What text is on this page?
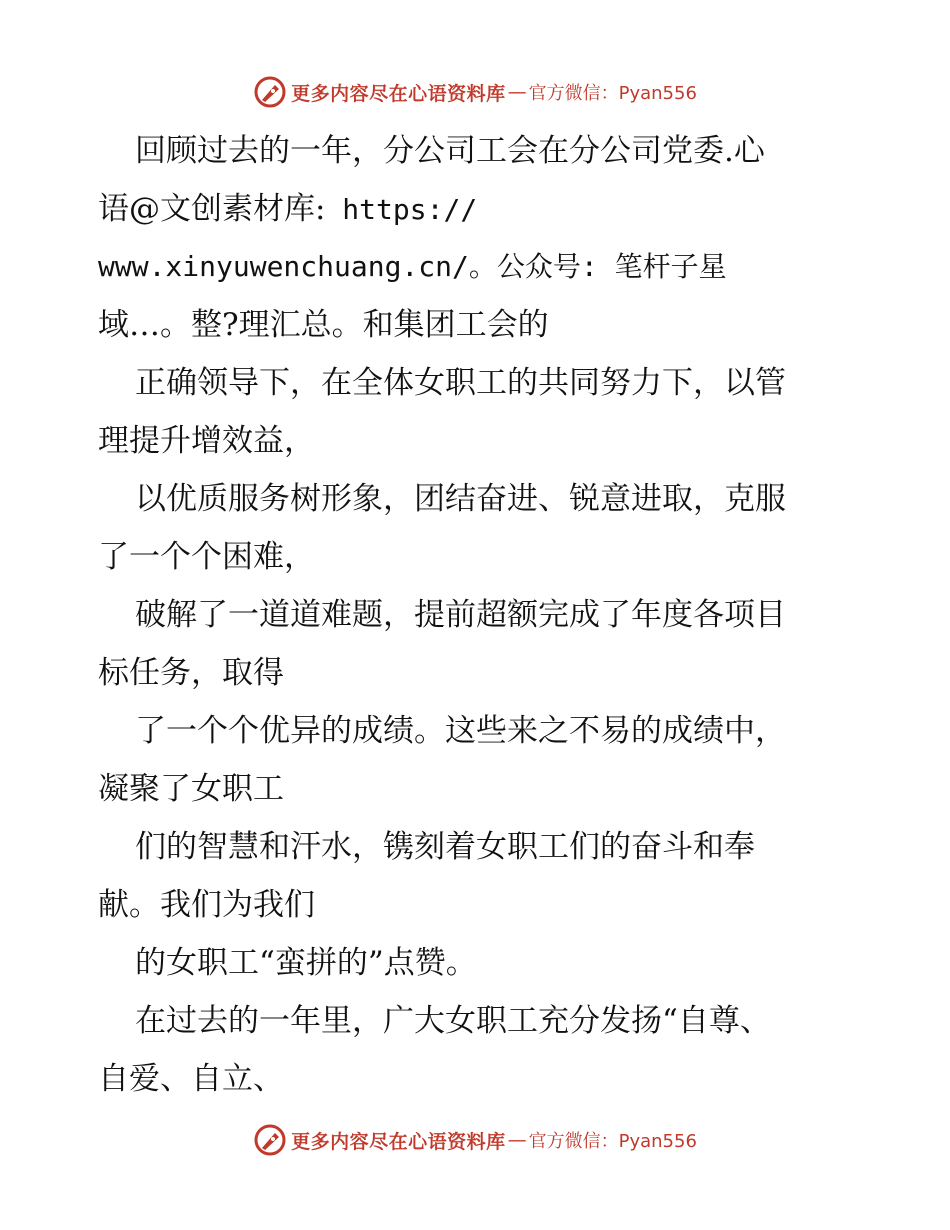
更多内容尽在心语资料库 — 官方微信：Pyan556
回顾过去的一年，分公司工会在分公司党委.心
语@文创素材库: https://
www.xinyuwenchuang.cn/。公众号: 笔杆子星
域…。整?理汇总。和集团工会的
正确领导下，在全体女职工的共同努力下，以管
理提升增效益，
以优质服务树形象，团结奋进、锐意进取，克服
了一个个困难，
破解了一道道难题，提前超额完成了年度各项目
标任务，取得
了一个个优异的成绩。这些来之不易的成绩中，
凝聚了女职工
们的智慧和汗水，镌刻着女职工们的奋斗和奉
献。我们为我们
的女职工“蛮拼的”点赞。
在过去的一年里，广大女职工充分发扬“自尊、
自爱、自立、
更多内容尽在心语资料库 — 官方微信：Pyan556
